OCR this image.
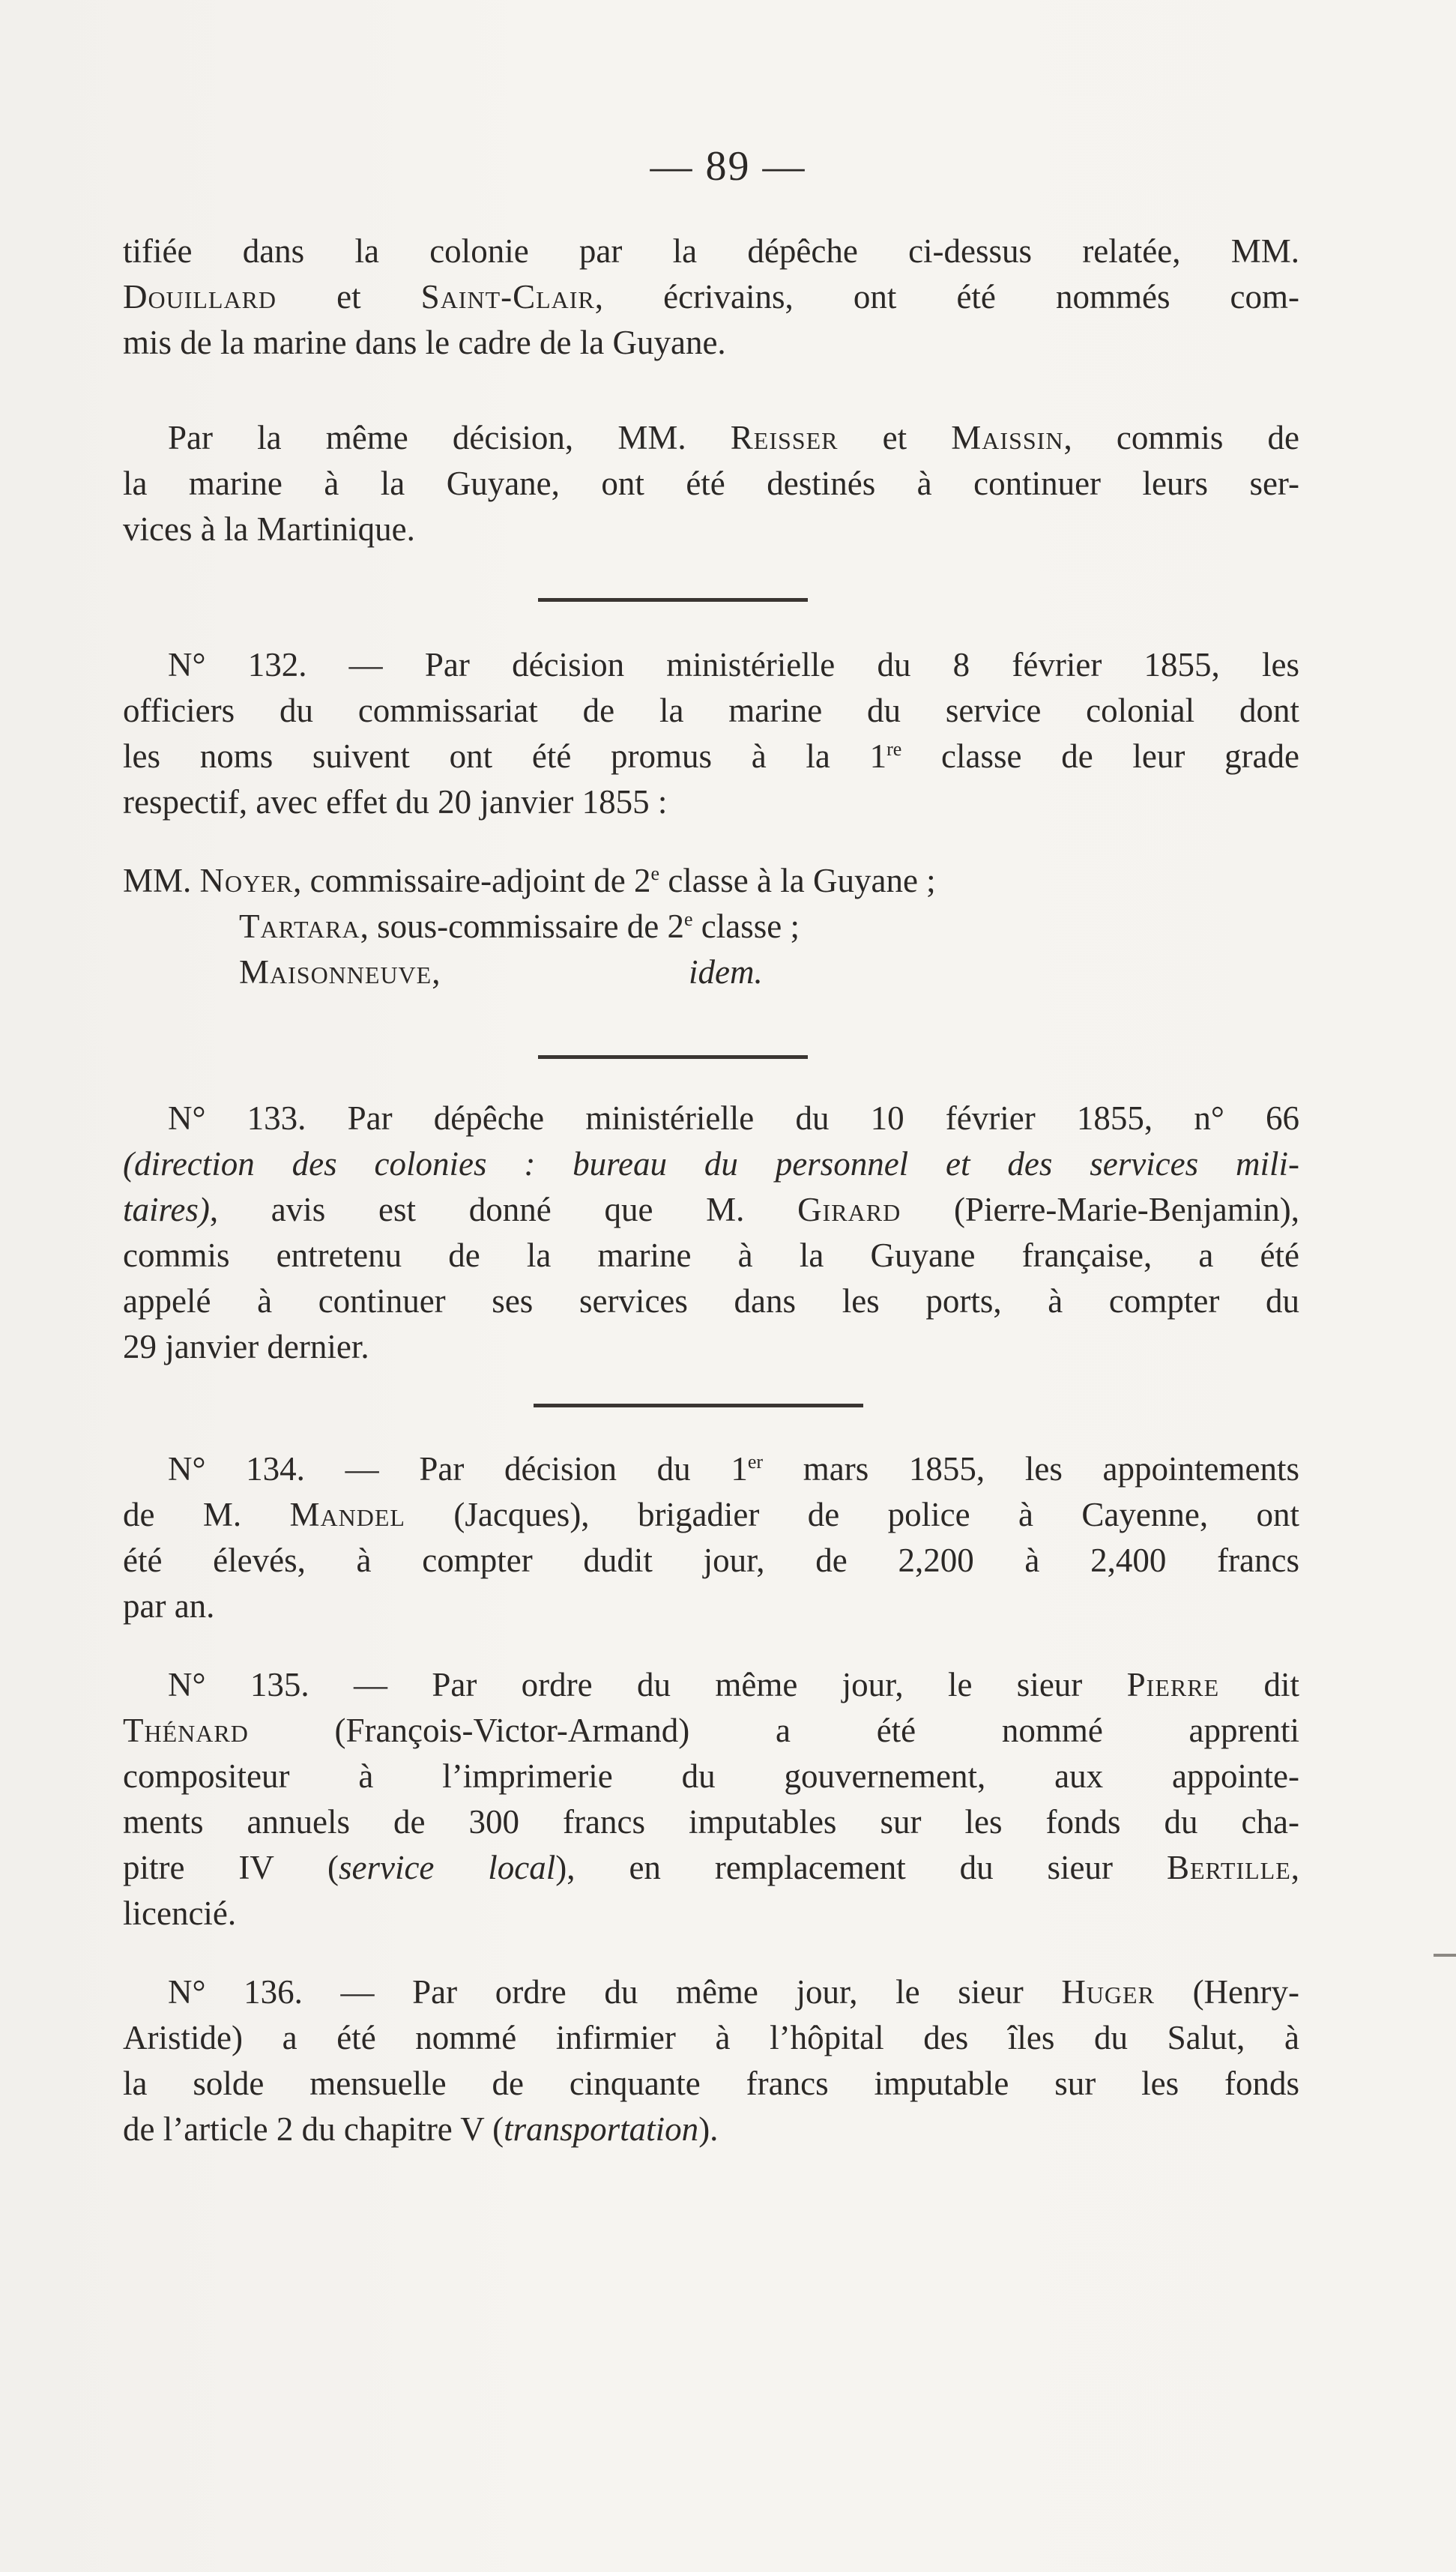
— 89 —
tifiée dans la colonie par la dépêche ci-dessus relatée, MM.
Douillard et Saint-Clair, écrivains, ont été nommés com-
mis de la marine dans le cadre de la Guyane.
Par la même décision, MM. Reisser et Maissin, commis de
la marine à la Guyane, ont été destinés à continuer leurs ser-
vices à la Martinique.
N° 132. — Par décision ministérielle du 8 février 1855, les
officiers du commissariat de la marine du service colonial dont
les noms suivent ont été promus à la 1re classe de leur grade
respectif, avec effet du 20 janvier 1855 :
MM. Noyer, commissaire-adjoint de 2e classe à la Guyane ;
Tartara, sous-commissaire de 2e classe ;
Maisonneuve,	idem.
N° 133. Par dépêche ministérielle du 10 février 1855, n° 66
(direction des colonies : bureau du personnel et des services mili-
taires), avis est donné que M. Girard (Pierre-Marie-Benjamin),
commis entretenu de la marine à la Guyane française, a été
appelé à continuer ses services dans les ports, à compter du
29 janvier dernier.
N° 134. — Par décision du 1er mars 1855, les appointements
de M. Mandel (Jacques), brigadier de police à Cayenne, ont
été élevés, à compter dudit jour, de 2,200 à 2,400 francs
par an.
N° 135. — Par ordre du même jour, le sieur Pierre dit
Thénard (François-Victor-Armand) a été nommé apprenti
compositeur à l’imprimerie du gouvernement, aux appointe-
ments annuels de 300 francs imputables sur les fonds du cha-
pitre IV (service local), en remplacement du sieur Bertille,
licencié.
N° 136. — Par ordre du même jour, le sieur Huger (Henry-
Aristide) a été nommé infirmier à l’hôpital des îles du Salut, à
la solde mensuelle de cinquante francs imputable sur les fonds
de l’article 2 du chapitre V (transportation).
